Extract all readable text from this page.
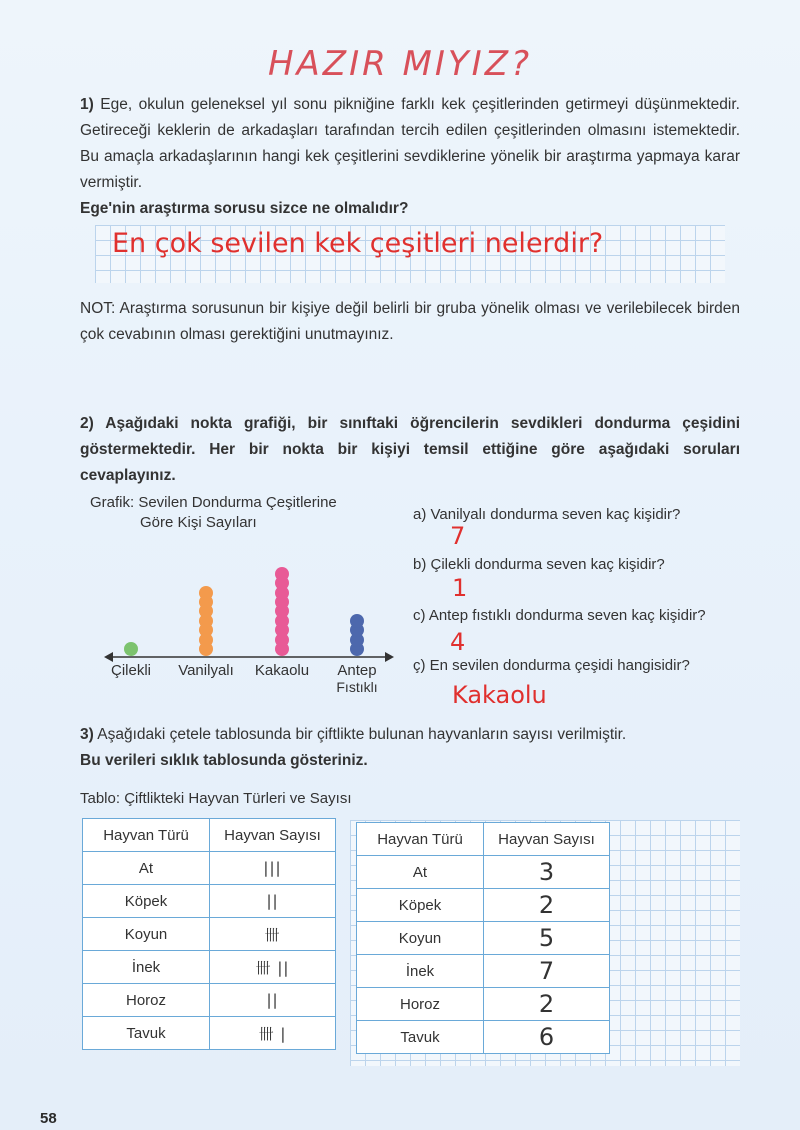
HAZIR MIYIZ?
1) Ege, okulun geleneksel yıl sonu pikniğine farklı kek çeşitlerinden getirmeyi düşünmektedir. Getireceği keklerin de arkadaşları tarafından tercih edilen çeşitlerinden olmasını istemektedir. Bu amaçla arkadaşlarının hangi kek çeşitlerini sevdiklerine yönelik bir araştırma yapmaya karar vermiştir.
Ege'nin araştırma sorusu sizce ne olmalıdır?
En çok sevilen kek çeşitleri nelerdir?
NOT: Araştırma sorusunun bir kişiye değil belirli bir gruba yönelik olması ve verilebilecek birden çok cevabının olması gerektiğini unutmayınız.
2) Aşağıdaki nokta grafiği, bir sınıftaki öğrencilerin sevdikleri dondurma çeşidini göstermektedir. Her bir nokta bir kişiyi temsil ettiğine göre aşağıdaki soruları cevaplayınız.
Grafik: Sevilen Dondurma Çeşitlerine
Göre Kişi Sayıları
Çilekli	Vanilyalı	Kakaolu	Antep
Fıstıklı
a) Vanilyalı dondurma seven kaç kişidir?
7
b) Çilekli dondurma seven kaç kişidir?
1
c) Antep fıstıklı dondurma seven kaç kişidir?
4
ç) En sevilen dondurma çeşidi hangisidir?
Kakaolu
3) Aşağıdaki çetele tablosunda bir çiftlikte bulunan hayvanların sayısı verilmiştir.
Bu verileri sıklık tablosunda gösteriniz.
Tablo: Çiftlikteki Hayvan Türleri ve Sayısı
Hayvan Türü	Hayvan Sayısı
At	|||
Köpek	||
Koyun	卌
İnek	卌 ||
Horoz	||
Tavuk	卌 |
Hayvan Türü	Hayvan Sayısı
At	3
Köpek	2
Koyun	5
İnek	7
Horoz	2
Tavuk	6
58
